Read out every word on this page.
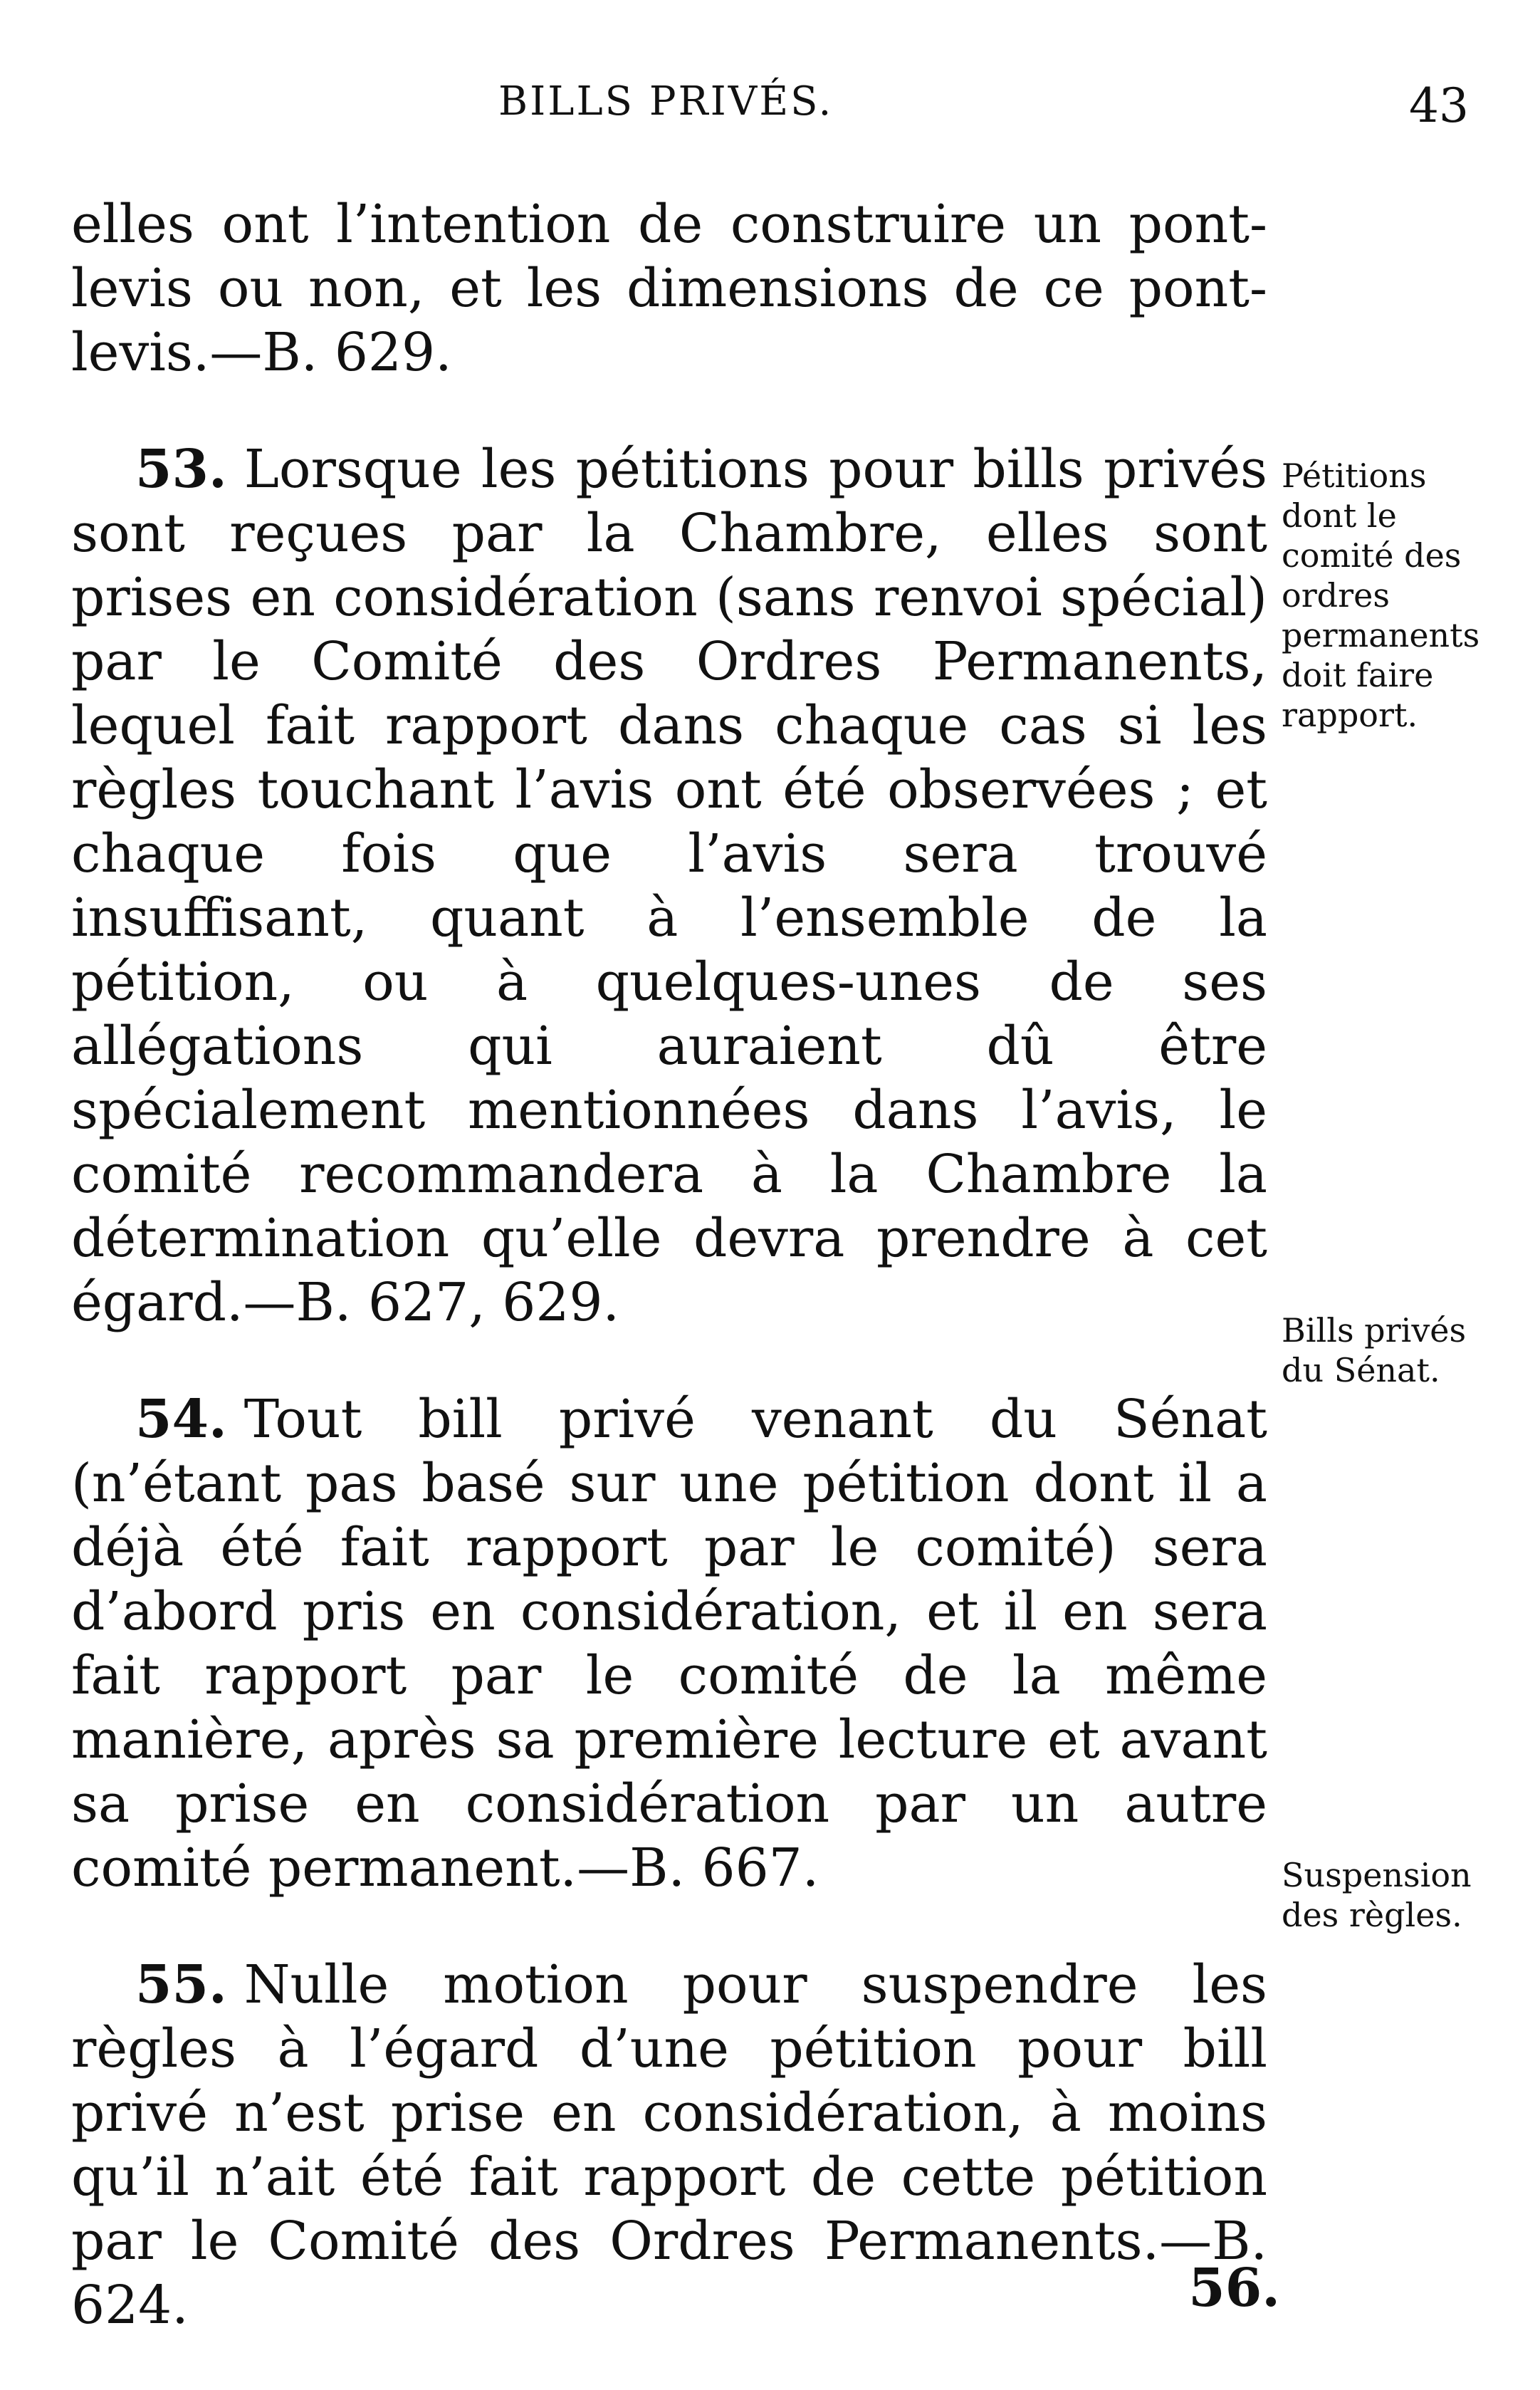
BILLS PRIVÉS.	43

elles ont l’intention de construire un pont-levis ou non, et les dimensions de ce pont-levis.—B. 629.

53. Lorsque les pétitions pour bills privés sont reçues par la Chambre, elles sont prises en considération (sans renvoi spécial) par le Comité des Ordres Permanents, lequel fait rapport dans chaque cas si les règles touchant l’avis ont été observées ; et chaque fois que l’avis sera trouvé insuffisant, quant à l’ensemble de la pétition, ou à quelques-unes de ses allégations qui auraient dû être spécialement mentionnées dans l’avis, le comité recommandera à la Chambre la détermination qu’elle devra prendre à cet égard.—B. 627, 629.

54. Tout bill privé venant du Sénat (n’étant pas basé sur une pétition dont il a déjà été fait rapport par le comité) sera d’abord pris en considération, et il en sera fait rapport par le comité de la même manière, après sa première lecture et avant sa prise en considération par un autre comité permanent.—B. 667.

55. Nulle motion pour suspendre les règles à l’égard d’une pétition pour bill privé n’est prise en considération, à moins qu’il n’ait été fait rapport de cette pétition par le Comité des Ordres Permanents.—B. 624.

Pétitions dont le comité des ordres permanents doit faire rapport.
Bills privés du Sénat.
Suspension des règles.
56.
